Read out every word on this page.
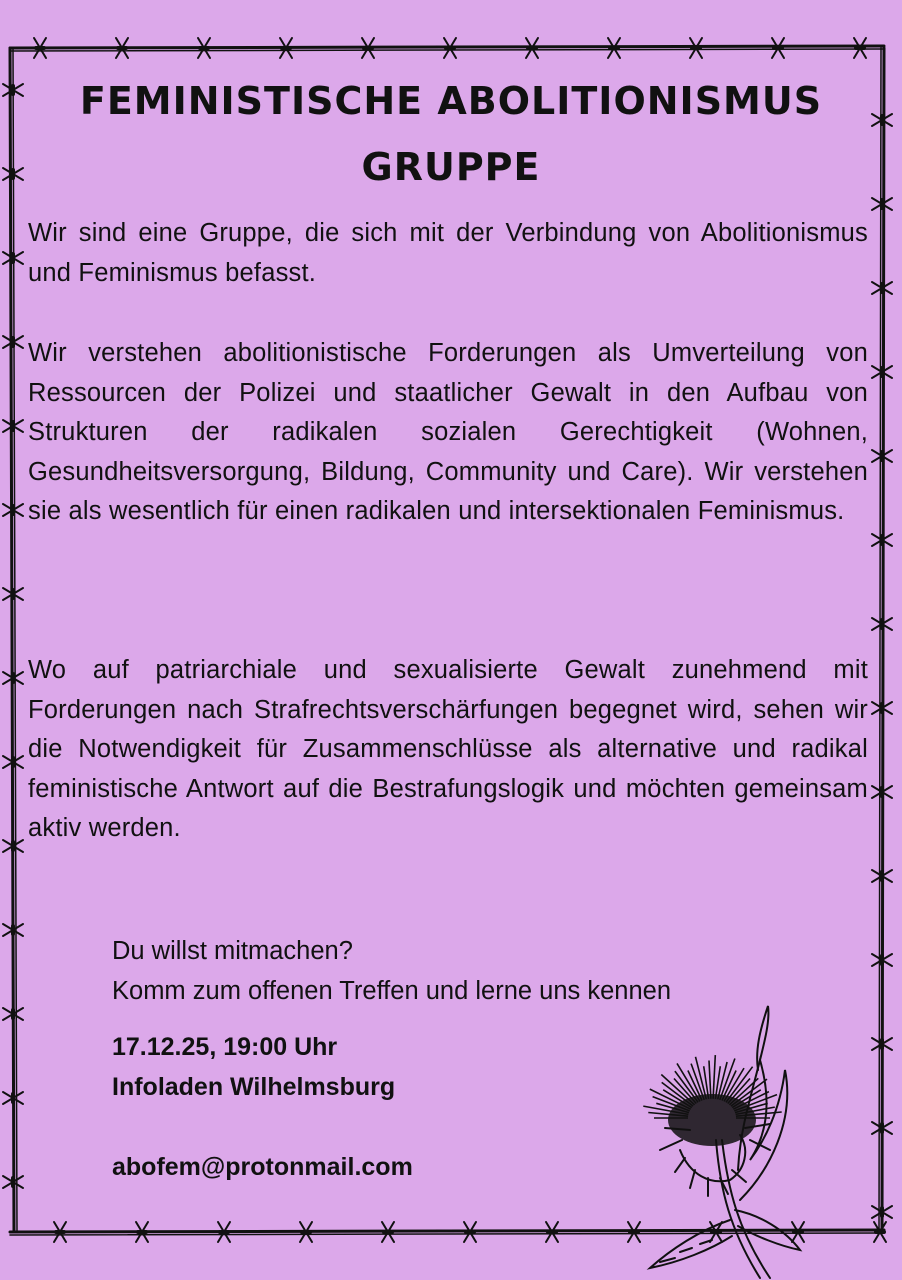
FEMINISTISCHE ABOLITIONISMUS
GRUPPE

Wir sind eine Gruppe, die sich mit der Verbindung von Abolitionismus und Feminismus befasst.

Wir verstehen abolitionistische Forderungen als Umverteilung von Ressourcen der Polizei und staatlicher Gewalt in den Aufbau von Strukturen der radikalen sozialen Gerechtigkeit (Wohnen, Gesundheitsversorgung, Bildung, Community und Care). Wir verstehen sie als wesentlich für einen radikalen und intersektionalen Feminismus.

Wo auf patriarchiale und sexualisierte Gewalt zunehmend mit Forderungen nach Strafrechtsverschärfungen begegnet wird, sehen wir die Notwendigkeit für Zusammenschlüsse als alternative und radikal feministische Antwort auf die Bestrafungslogik und möchten gemeinsam aktiv werden.

Du willst mitmachen?

Komm zum offenen Treffen und lerne uns kennen

17.12.25, 19:00 Uhr

Infoladen Wilhelmsburg

abofem@protonmail.com
